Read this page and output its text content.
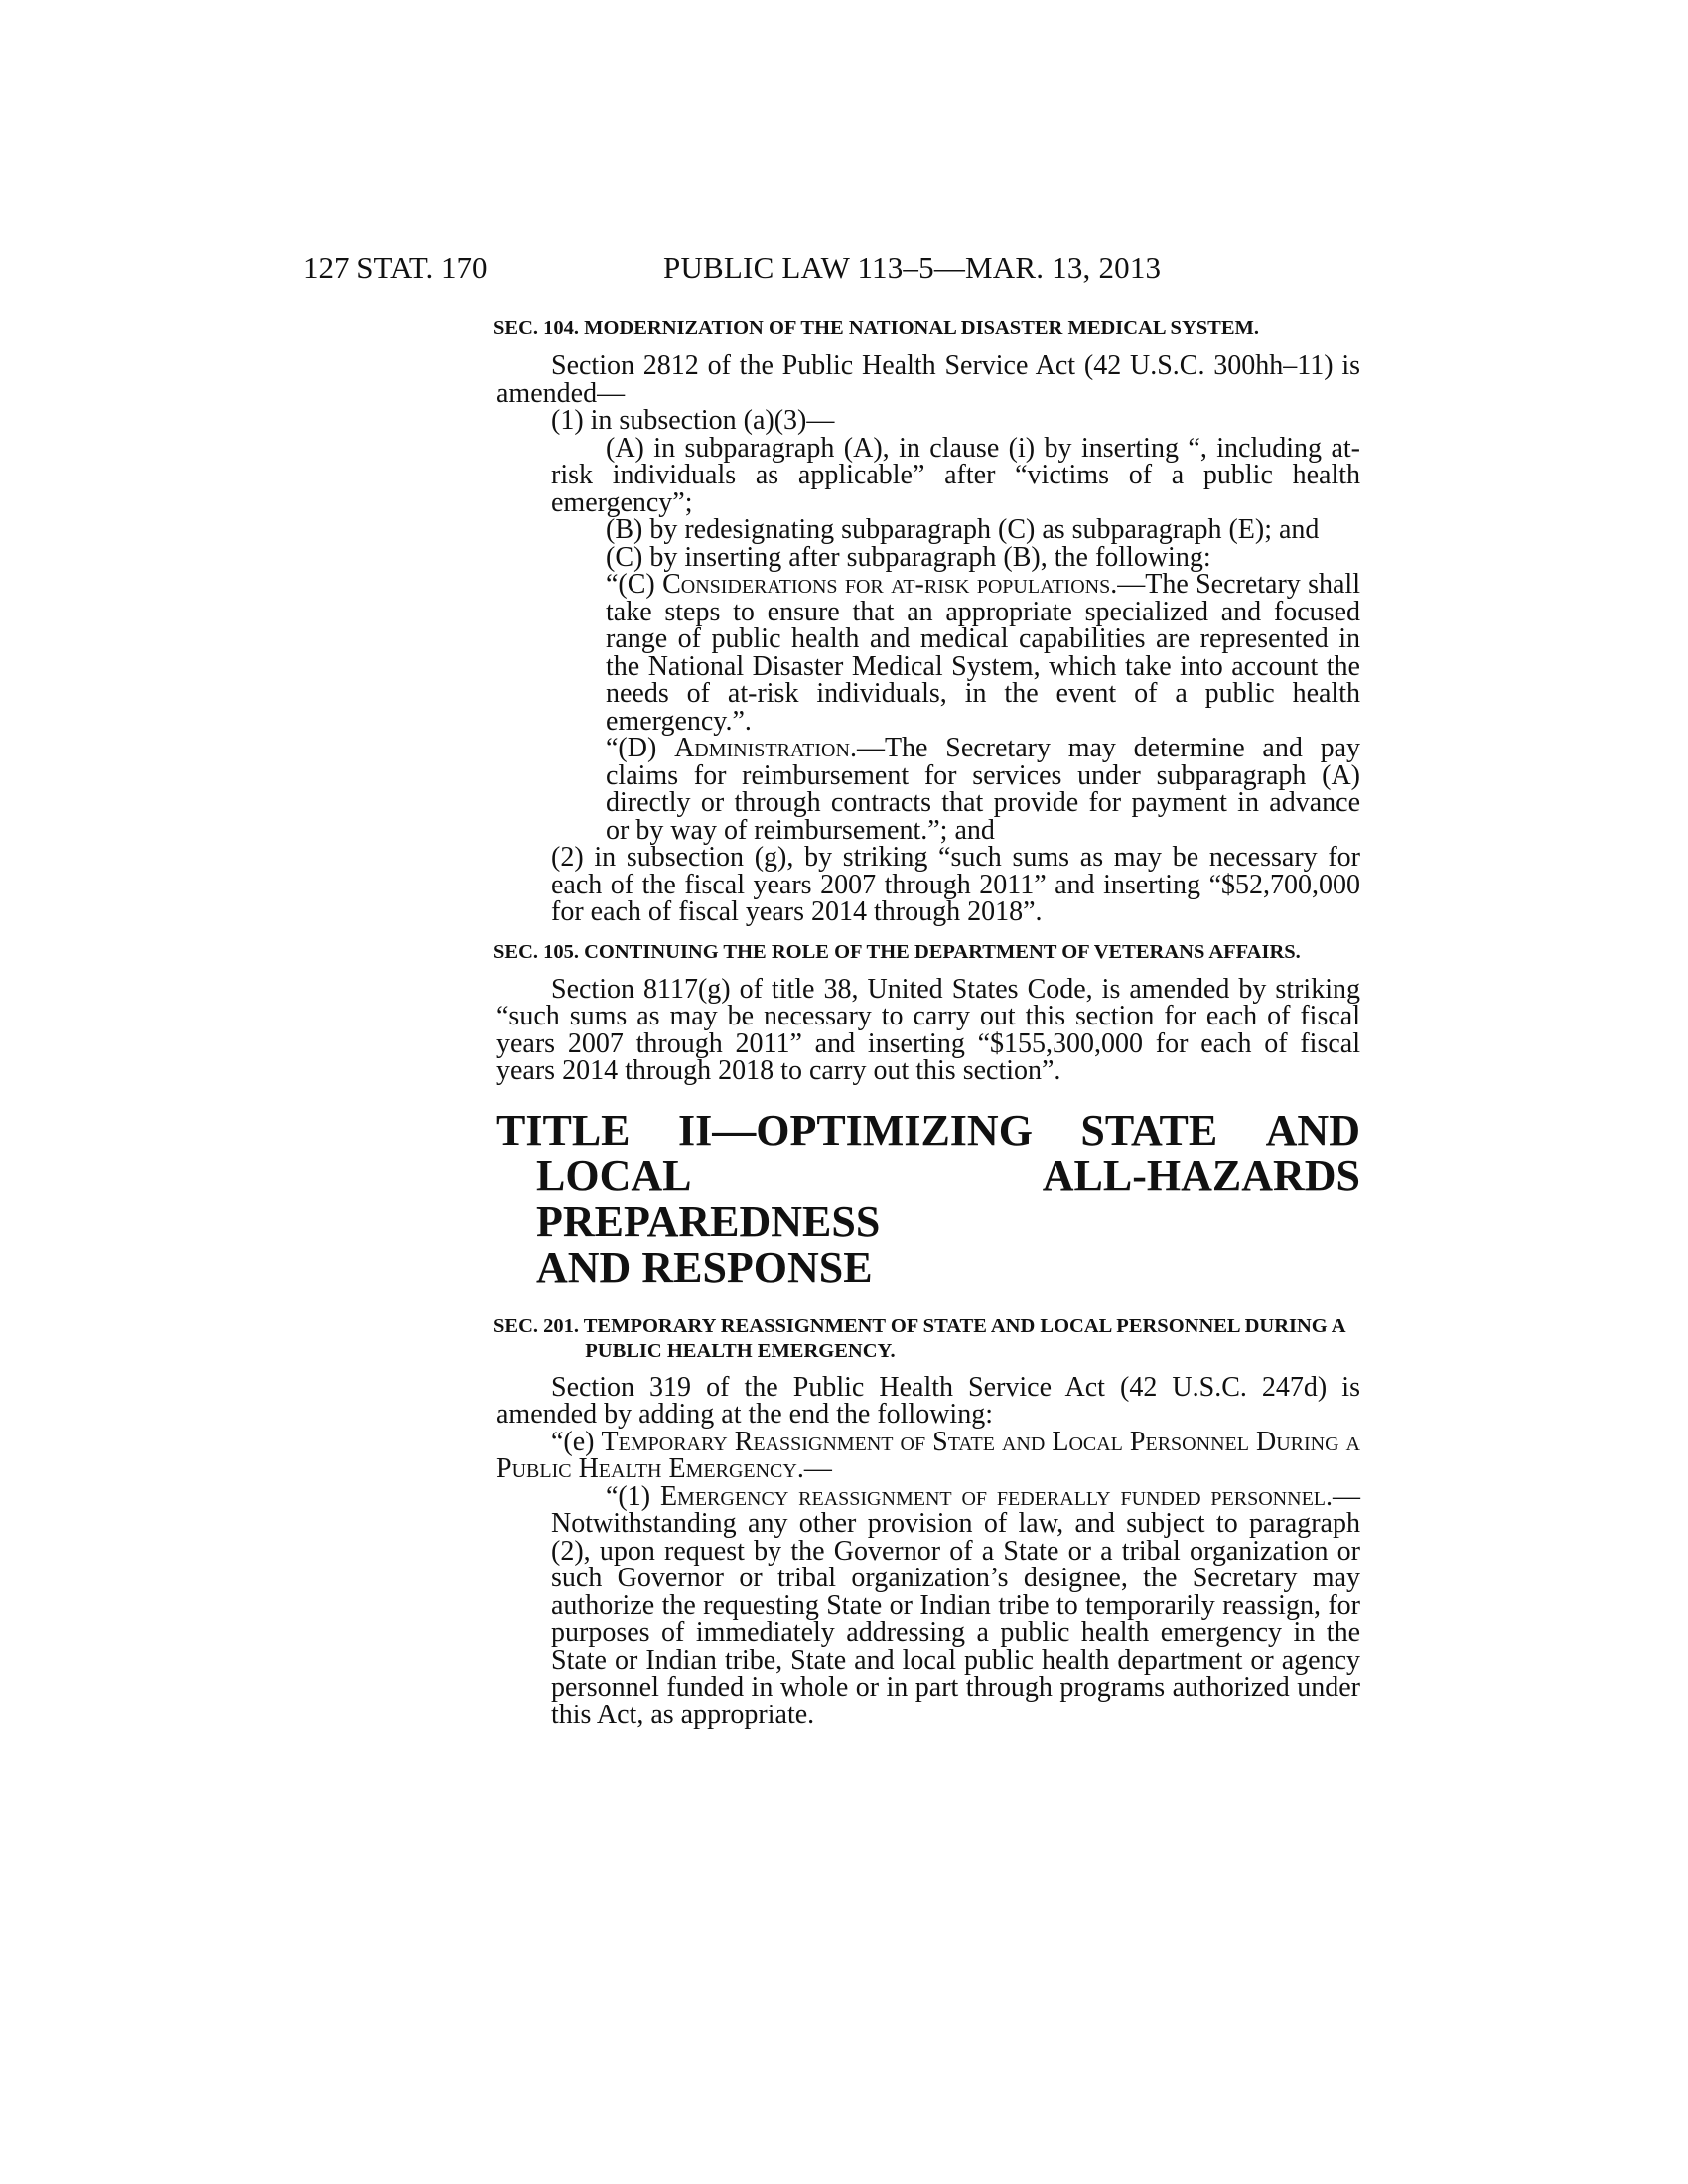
127 STAT. 170	PUBLIC LAW 113–5—MAR. 13, 2013

SEC. 104. MODERNIZATION OF THE NATIONAL DISASTER MEDICAL SYSTEM.

Section 2812 of the Public Health Service Act (42 U.S.C. 300hh–11) is amended—

(1) in subsection (a)(3)—

(A) in subparagraph (A), in clause (i) by inserting “, including at-risk individuals as applicable” after “victims of a public health emergency”;

(B) by redesignating subparagraph (C) as subparagraph (E); and

(C) by inserting after subparagraph (B), the following:

“(C) Considerations for at-risk populations.—The Secretary shall take steps to ensure that an appropriate specialized and focused range of public health and medical capabilities are represented in the National Disaster Medical System, which take into account the needs of at-risk individuals, in the event of a public health emergency.”.

“(D) Administration.—The Secretary may determine and pay claims for reimbursement for services under subparagraph (A) directly or through contracts that provide for payment in advance or by way of reimbursement.”; and

(2) in subsection (g), by striking “such sums as may be necessary for each of the fiscal years 2007 through 2011” and inserting “$52,700,000 for each of fiscal years 2014 through 2018”.

SEC. 105. CONTINUING THE ROLE OF THE DEPARTMENT OF VETERANS AFFAIRS.

Section 8117(g) of title 38, United States Code, is amended by striking “such sums as may be necessary to carry out this section for each of fiscal years 2007 through 2011” and inserting “$155,300,000 for each of fiscal years 2014 through 2018 to carry out this section”.

TITLE II—OPTIMIZING STATE AND
LOCAL ALL-HAZARDS PREPAREDNESS
AND RESPONSE

SEC. 201. TEMPORARY REASSIGNMENT OF STATE AND LOCAL PERSONNEL DURING A PUBLIC HEALTH EMERGENCY.

Section 319 of the Public Health Service Act (42 U.S.C. 247d) is amended by adding at the end the following:

“(e) Temporary Reassignment of State and Local Personnel During a Public Health Emergency.—

“(1) Emergency reassignment of federally funded personnel.—Notwithstanding any other provision of law, and subject to paragraph (2), upon request by the Governor of a State or a tribal organization or such Governor or tribal organization’s designee, the Secretary may authorize the requesting State or Indian tribe to temporarily reassign, for purposes of immediately addressing a public health emergency in the State or Indian tribe, State and local public health department or agency personnel funded in whole or in part through programs authorized under this Act, as appropriate.
